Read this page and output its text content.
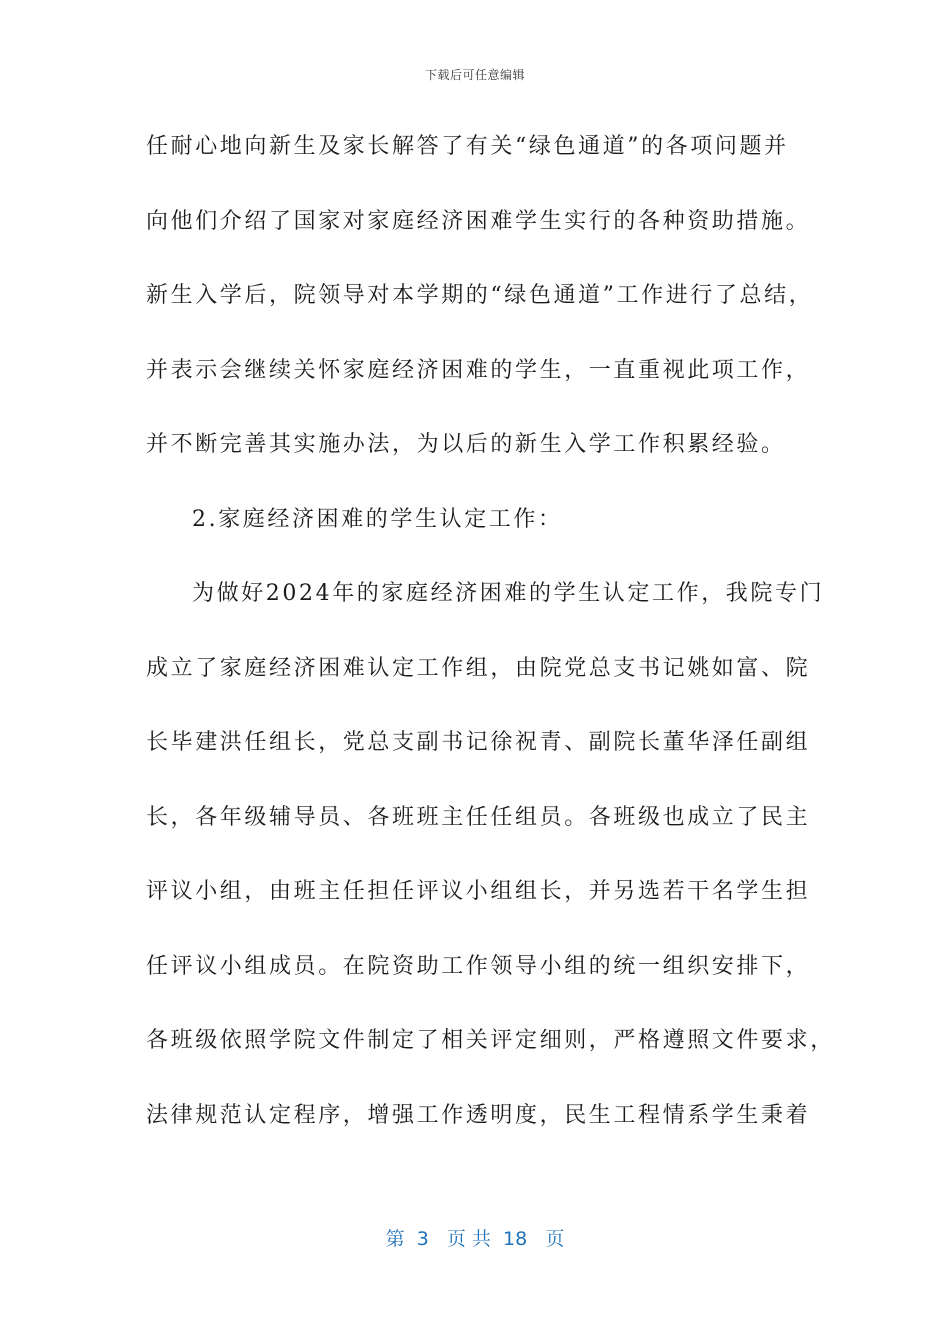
下载后可任意编辑
任耐心地向新生及家长解答了有关“绿色通道”的各项问题并
向他们介绍了国家对家庭经济困难学生实行的各种资助措施。
新生入学后，院领导对本学期的“绿色通道”工作进行了总结，
并表示会继续关怀家庭经济困难的学生，一直重视此项工作，
并不断完善其实施办法，为以后的新生入学工作积累经验。
2.家庭经济困难的学生认定工作：
为做好2024年的家庭经济困难的学生认定工作，我院专门
成立了家庭经济困难认定工作组，由院党总支书记姚如富、院
长毕建洪任组长，党总支副书记徐祝青、副院长董华泽任副组
长，各年级辅导员、各班班主任任组员。各班级也成立了民主
评议小组，由班主任担任评议小组组长，并另选若干名学生担
任评议小组成员。在院资助工作领导小组的统一组织安排下，
各班级依照学院文件制定了相关评定细则，严格遵照文件要求，
法律规范认定程序，增强工作透明度，民生工程情系学生秉着
第  3   页 共  18   页
